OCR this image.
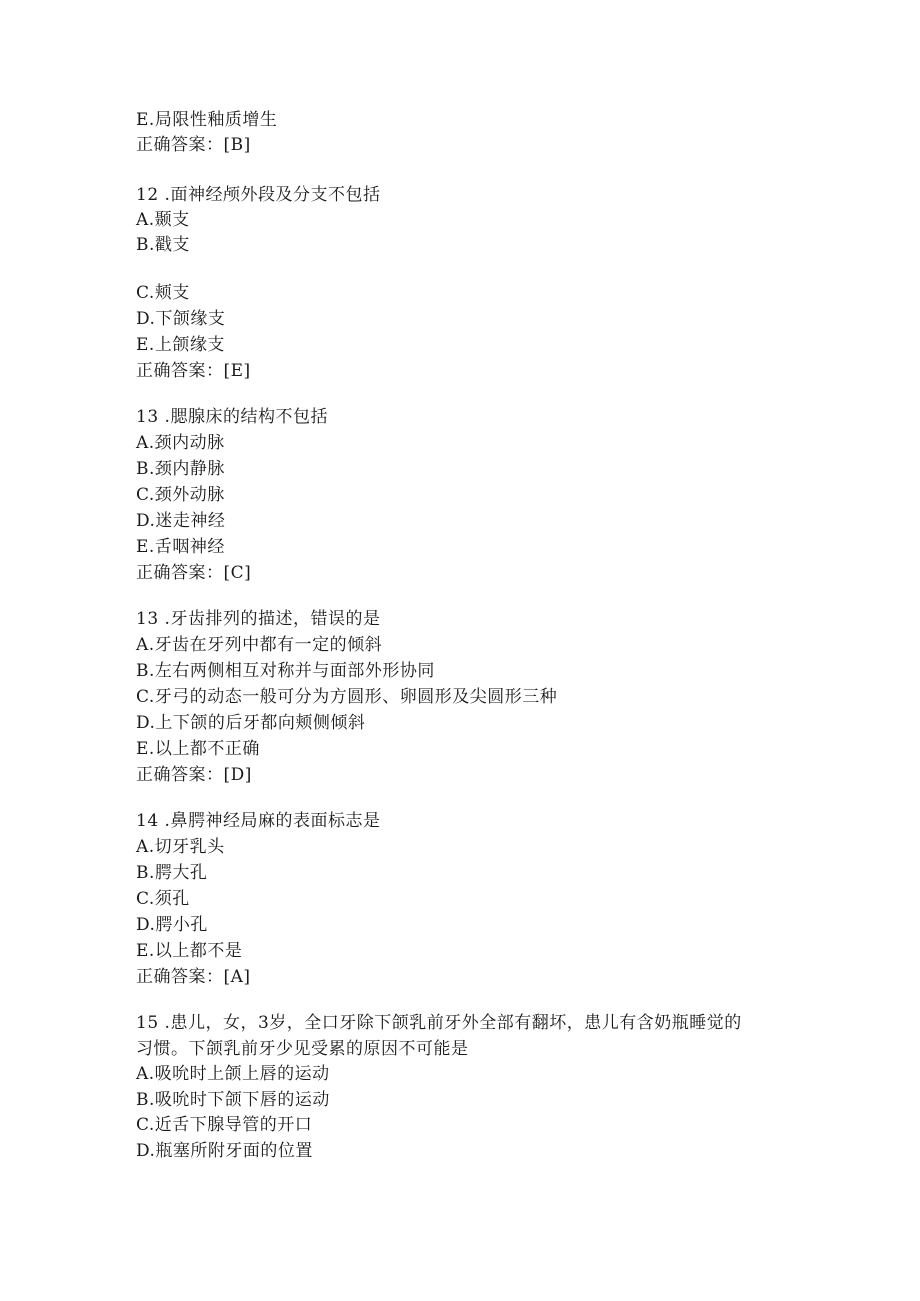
E.局限性釉质增生
正确答案：[B]
12 .面神经颅外段及分支不包括
A.颞支
B.戳支
C.颊支
D.下颌缘支
E.上颌缘支
正确答案：[E]
13 .腮腺床的结构不包括
A.颈内动脉
B.颈内静脉
C.颈外动脉
D.迷走神经
E.舌咽神经
正确答案：[C]
13 .牙齿排列的描述，错误的是
A.牙齿在牙列中都有一定的倾斜
B.左右两侧相互对称并与面部外形协同
C.牙弓的动态一般可分为方圆形、卵圆形及尖圆形三种
D.上下颌的后牙都向颊侧倾斜
E.以上都不正确
正确答案：[D]
14 .鼻腭神经局麻的表面标志是
A.切牙乳头
B.腭大孔
C.须孔
D.腭小孔
E.以上都不是
正确答案：[A]
15 .患儿，女，3岁，全口牙除下颌乳前牙外全部有翻坏，患儿有含奶瓶睡觉的
习惯。下颌乳前牙少见受累的原因不可能是
A.吸吮时上颌上唇的运动
B.吸吮时下颌下唇的运动
C.近舌下腺导管的开口
D.瓶塞所附牙面的位置
